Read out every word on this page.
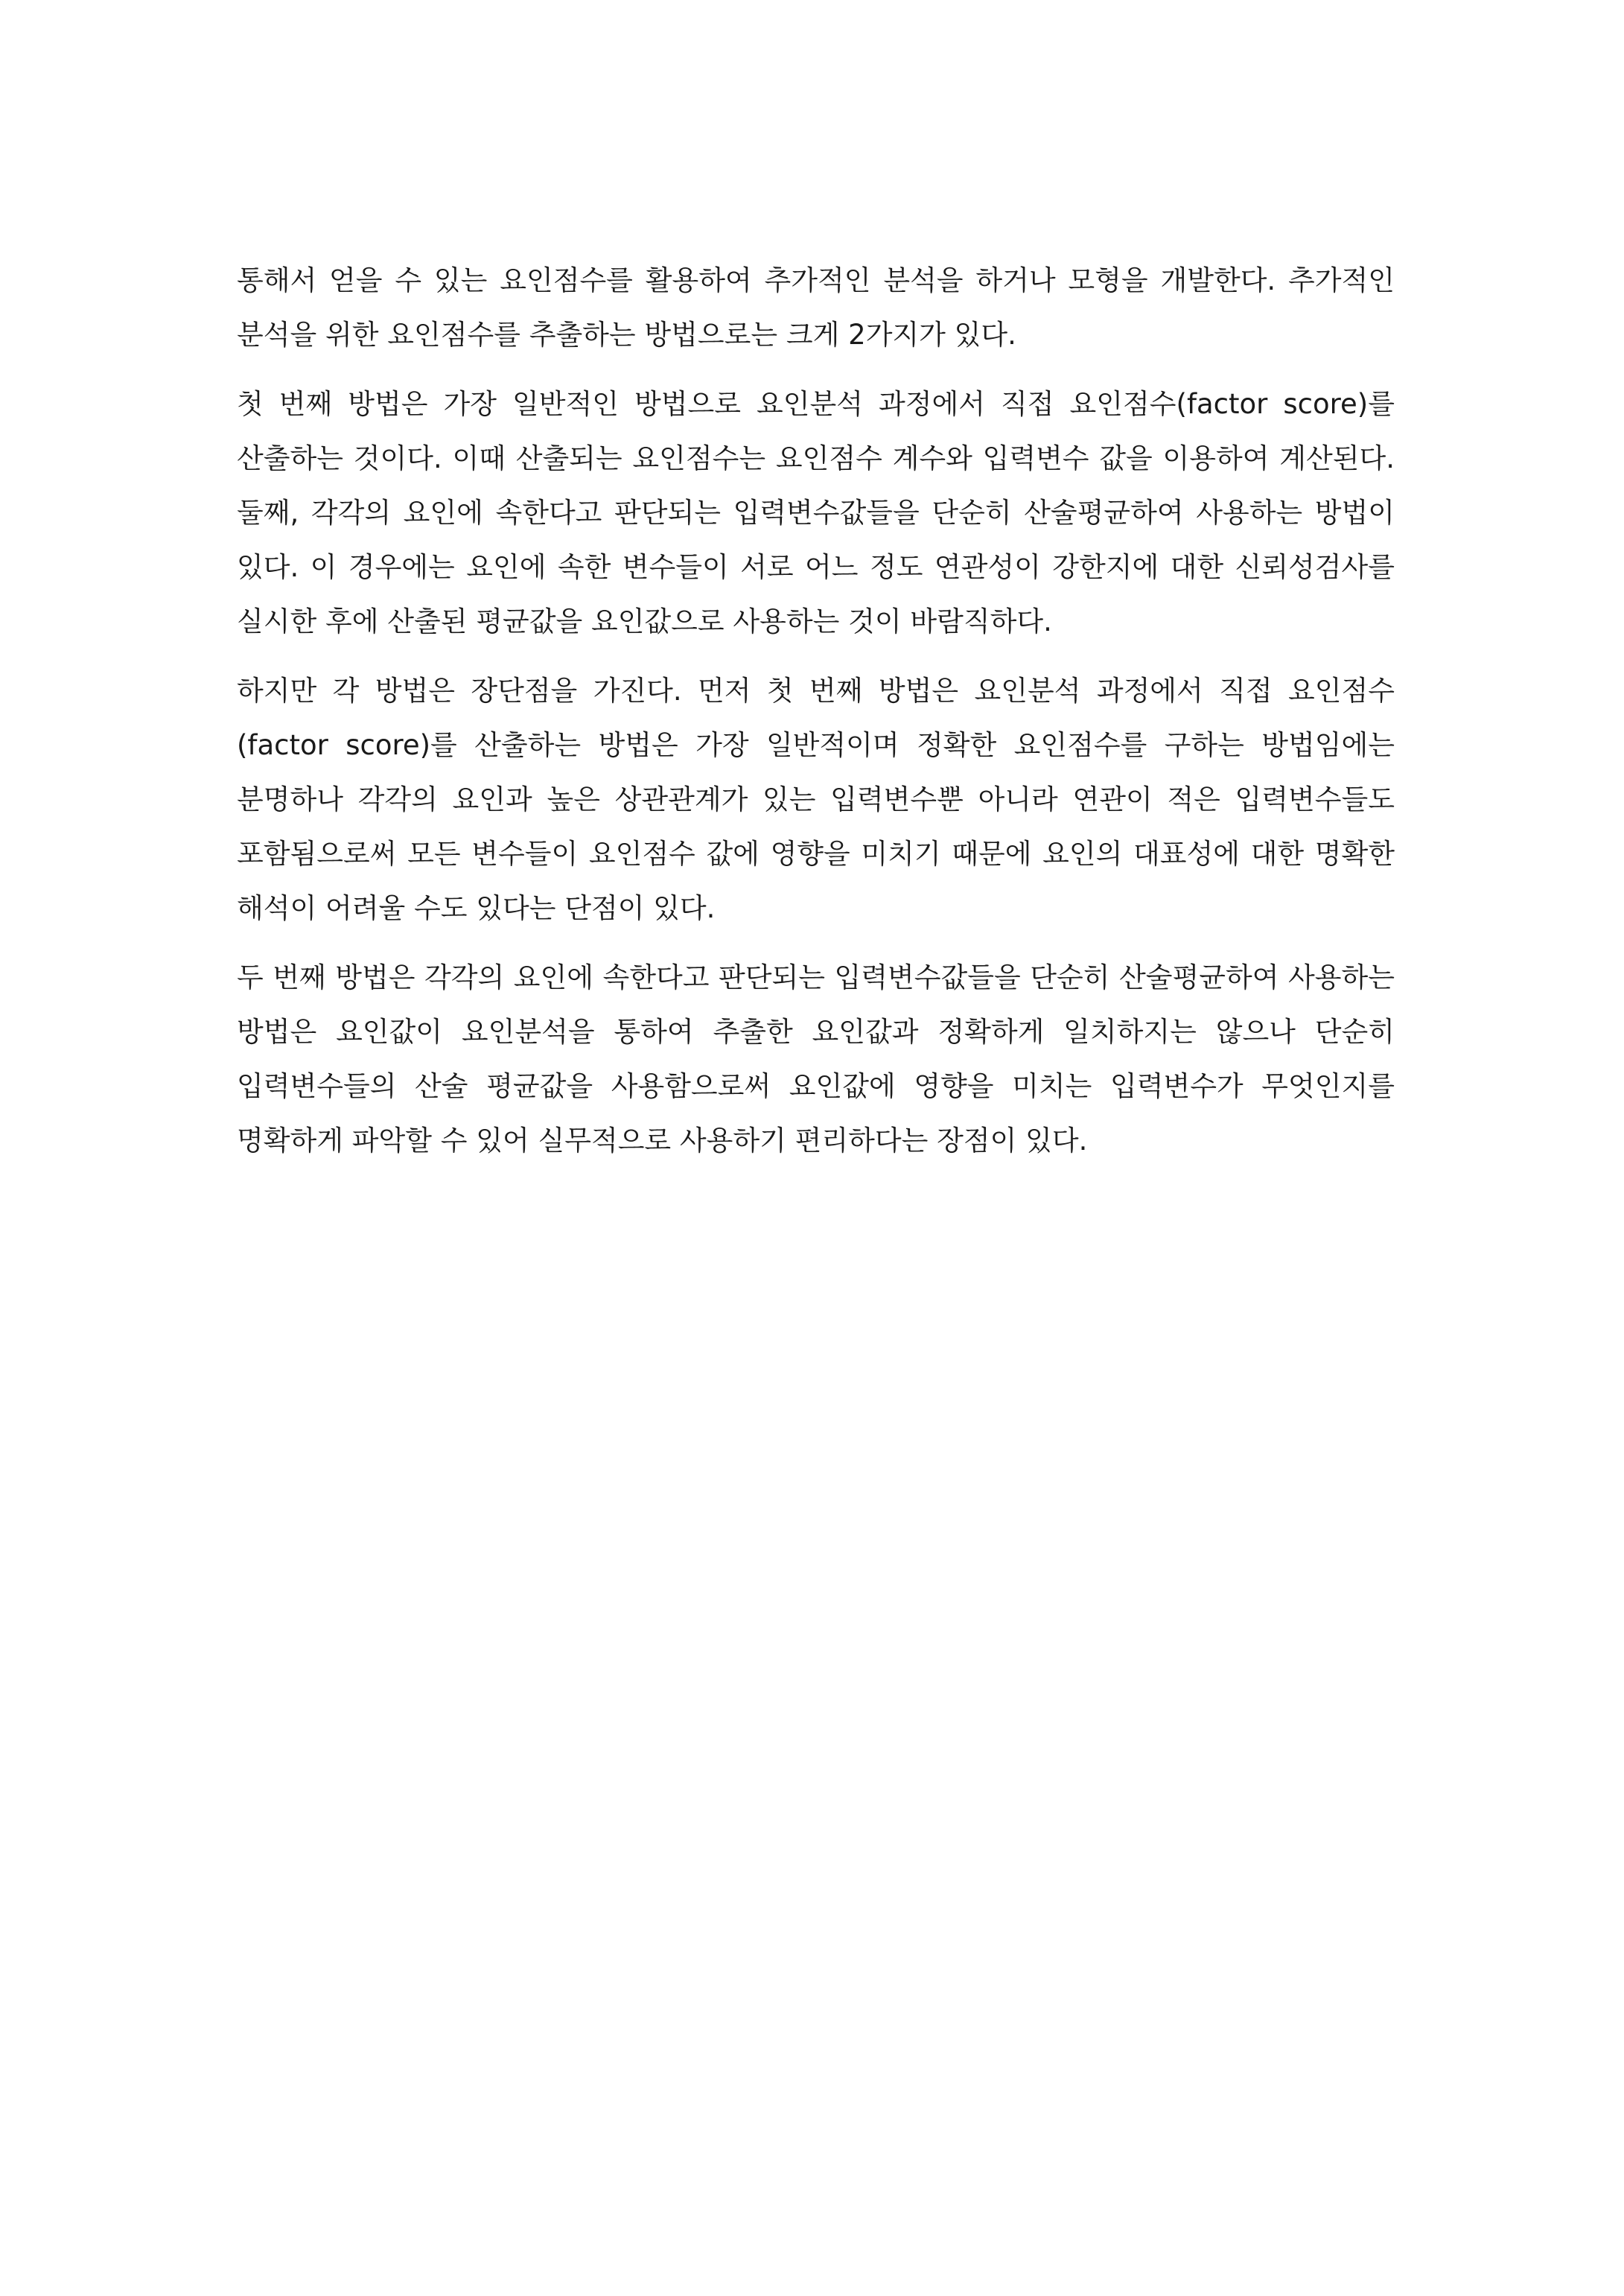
통해서 얻을 수 있는 요인점수를 활용하여 추가적인 분석을 하거나 모형을 개발한다. 추가적인 분석을 위한 요인점수를 추출하는 방법으로는 크게 2가지가 있다.

첫 번째 방법은 가장 일반적인 방법으로 요인분석 과정에서 직접 요인점수(factor score)를 산출하는 것이다. 이때 산출되는 요인점수는 요인점수 계수와 입력변수 값을 이용하여 계산된다. 둘째, 각각의 요인에 속한다고 판단되는 입력변수값들을 단순히 산술평균하여 사용하는 방법이 있다. 이 경우에는 요인에 속한 변수들이 서로 어느 정도 연관성이 강한지에 대한 신뢰성검사를 실시한 후에 산출된 평균값을 요인값으로 사용하는 것이 바람직하다.

하지만 각 방법은 장단점을 가진다. 먼저 첫 번째 방법은 요인분석 과정에서 직접 요인점수(factor score)를 산출하는 방법은 가장 일반적이며 정확한 요인점수를 구하는 방법임에는 분명하나 각각의 요인과 높은 상관관계가 있는 입력변수뿐 아니라 연관이 적은 입력변수들도 포함됨으로써 모든 변수들이 요인점수 값에 영향을 미치기 때문에 요인의 대표성에 대한 명확한 해석이 어려울 수도 있다는 단점이 있다.

두 번째 방법은 각각의 요인에 속한다고 판단되는 입력변수값들을 단순히 산술평균하여 사용하는 방법은 요인값이 요인분석을 통하여 추출한 요인값과 정확하게 일치하지는 않으나 단순히 입력변수들의 산술 평균값을 사용함으로써 요인값에 영향을 미치는 입력변수가 무엇인지를 명확하게 파악할 수 있어 실무적으로 사용하기 편리하다는 장점이 있다.
